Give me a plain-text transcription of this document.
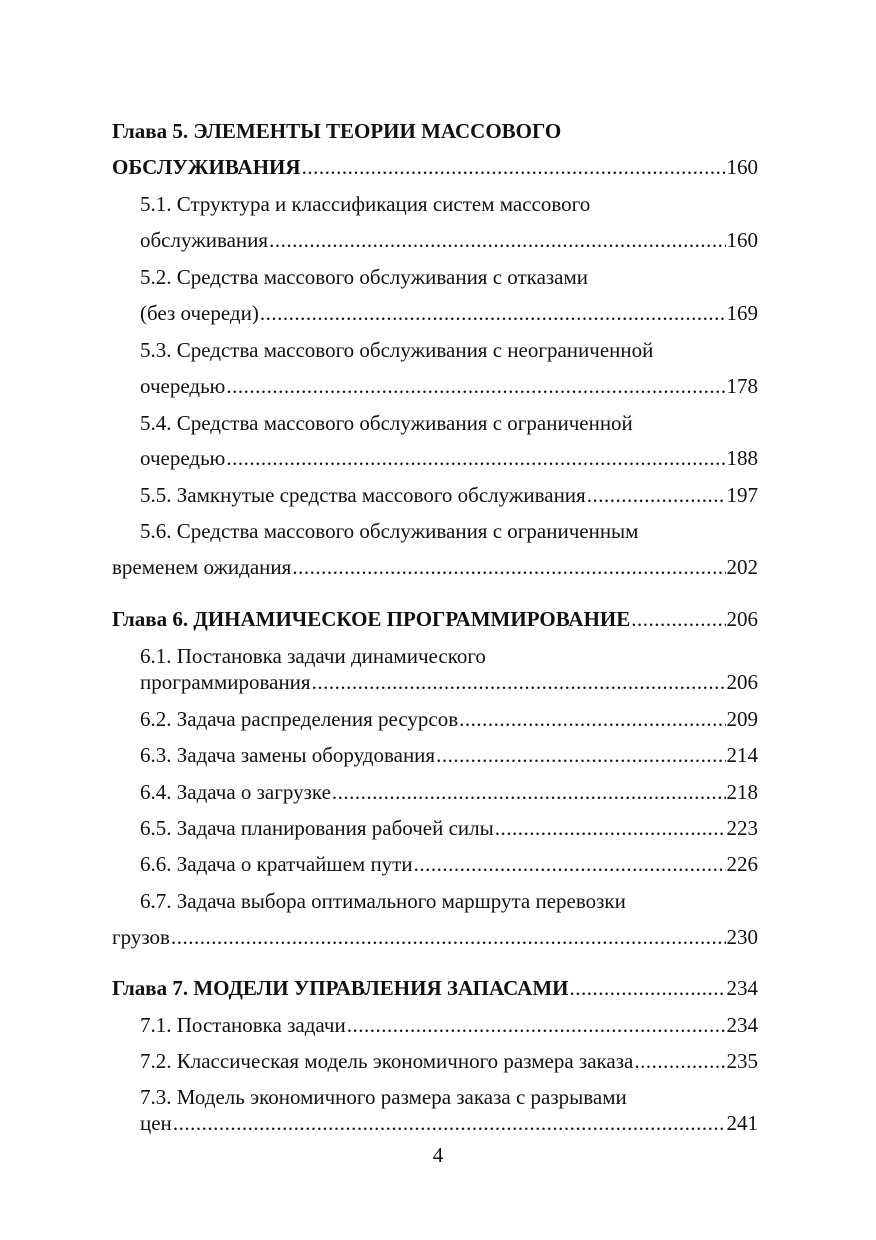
Глава 5. ЭЛЕМЕНТЫ ТЕОРИИ МАССОВОГО
ОБСЛУЖИВАНИЯ .....	160
5.1. Структура и классификация систем массового
обслуживания .....	160
5.2. Средства массового обслуживания с отказами
(без очереди) .....	169
5.3. Средства массового обслуживания с неограниченной
очередью .....	178
5.4. Средства массового обслуживания с ограниченной
очередью .....	188
5.5. Замкнутые средства массового обслуживания .....	197
5.6. Средства массового обслуживания с ограниченным
временем ожидания .....	202
Глава 6. ДИНАМИЧЕСКОЕ ПРОГРАММИРОВАНИЕ .....	206
6.1. Постановка задачи динамического
программирования .....	206
6.2. Задача распределения ресурсов .....	209
6.3. Задача замены оборудования .....	214
6.4. Задача о загрузке .....	218
6.5. Задача планирования рабочей силы .....	223
6.6. Задача о кратчайшем пути .....	226
6.7. Задача выбора оптимального маршрута перевозки
грузов .....	230
Глава 7. МОДЕЛИ УПРАВЛЕНИЯ ЗАПАСАМИ .....	234
7.1. Постановка задачи .....	234
7.2. Классическая модель экономичного размера заказа .....	235
7.3. Модель экономичного размера заказа с разрывами
цен .....	241
4
